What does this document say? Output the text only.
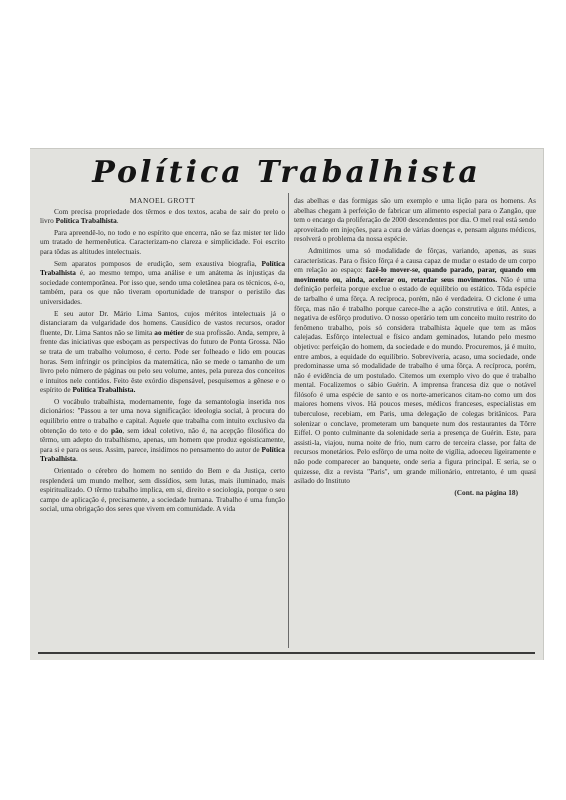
Política Trabalhista
MANOEL GROTT

Com precisa propriedade dos têrmos e dos textos, acaba de sair do prelo o livro Política Trabalhista.

Para apreendê-lo, no todo e no espírito que encerra, não se faz mister ter lido um tratado de hermenêutica. Caracterizam-no clareza e simplicidade. Foi escrito para tôdas as altitudes intelectuais.

Sem aparatos pomposos de erudição, sem exaustiva biografia, Política Trabalhista é, ao mesmo tempo, uma análise e um anátema às injustiças da sociedade contemporânea. Por isso que, sendo uma coletânea para os técnicos, é-o, também, para os que não tiveram oportunidade de transpor o peristilo das universidades.

E seu autor Dr. Mário Lima Santos, cujos méritos intelectuais já o distanciaram da vulgaridade dos homens. Causídico de vastos recursos, orador fluente, Dr. Lima Santos não se limita ao métier de sua profissão. Anda, sempre, à frente das iniciativas que esboçam as perspectivas do futuro de Ponta Grossa. Não se trata de um trabalho volumoso, é certo. Pode ser folheado e lido em poucas horas. Sem infringir os princípios da matemática, não se mede o tamanho de um livro pelo número de páginas ou pelo seu volume, antes, pela pureza dos conceitos e intuitos nele contidos. Feito êste exórdio dispensável, pesquisemos a gênese e o espírito de Política Trabalhista.

O vocábulo trabalhista, modernamente, foge da semantologia inserida nos dicionários: "Passou a ter uma nova significação: ideologia social, à procura do equilíbrio entre o trabalho e capital. Aquele que trabalha com intuito exclusivo da obtenção do teto e do pão, sem ideal coletivo, não é, na acepção filosófica do têrmo, um adepto do trabalhismo, apenas, um homem que produz egoisticamente, para si e para os seus. Assim, parece, insidimos no pensamento do autor de Política Trabalhista.

Orientado o cérebro do homem no sentido do Bem e da Justiça, certo resplenderá um mundo melhor, sem dissídios, sem lutas, mais iluminado, mais espiritualizado. O têrmo trabalho implica, em si, direito e sociologia, porque o seu campo de aplicação é, precisamente, a sociedade humana. Trabalho é uma função social, uma obrigação dos seres que vivem em comunidade. A vida

das abelhas e das formigas são um exemplo e uma lição para os homens. As abelhas chegam à perfeição de fabricar um alimento especial para o Zangão, que tem o encargo da proliferação de 2000 descendentes por dia. O mel real está sendo aproveitado em injeções, para a cura de várias doenças e, pensam alguns médicos, resolverá o problema da nossa espécie.

Admitimos uma só modalidade de fôrças, variando, apenas, as suas características. Para o físico fôrça é a causa capaz de mudar o estado de um corpo em relação ao espaço: fazê-lo mover-se, quando parado, parar, quando em movimento ou, ainda, acelerar ou, retardar seus movimentos. Não é uma definição perfeita porque exclue o estado de equilíbrio ou estático. Tôda espécie de tarbalho é uma fôrça. A recíproca, porém, não é verdadeira. O ciclone é uma fôrça, mas não é trabalho porque carece-lhe a ação construtiva e útil. Antes, a negativa de esfôrço produtivo. O nosso operário tem um conceito muito restrito do fenômeno trabalho, pois só considera trabalhista àquele que tem as mãos calejadas. Esfôrço intelectual e físico andam geminados, lutando pelo mesmo objetivo: perfeição do homem, da sociedade e do mundo. Procuremos, já é muito, entre ambos, a equidade do equilíbrio. Sobreviveria, acaso, uma sociedade, onde predominasse uma só modalidade de trabalho é uma fôrça. A recíproca, porém, não é evidência de um postulado. Citemos um exemplo vivo do que é trabalho mental. Focalizemos o sábio Guérin. A imprensa francesa diz que o notável filósofo é uma espécie de santo e os norte-americanos citam-no como um dos maiores homens vivos. Há poucos meses, médicos franceses, especialistas em tuberculose, recebiam, em Paris, uma delegação de colegas britânicos. Para solenizar o conclave, prometeram um banquete num dos restaurantes da Tôrre Eiffel. O ponto culminante da solenidade seria a presença de Guérin. Este, para assisti-la, viajou, numa noite de frio, num carro de terceira classe, por falta de recursos monetários. Pelo esfôrço de uma noite de vigília, adoeceu ligeiramente e não pode comparecer ao banquete, onde seria a figura principal. E seria, se o quizesse, diz a revista "Paris", um grande milionário, entretanto, é um quasi asilado do Instituto

(Cont. na página 18)
